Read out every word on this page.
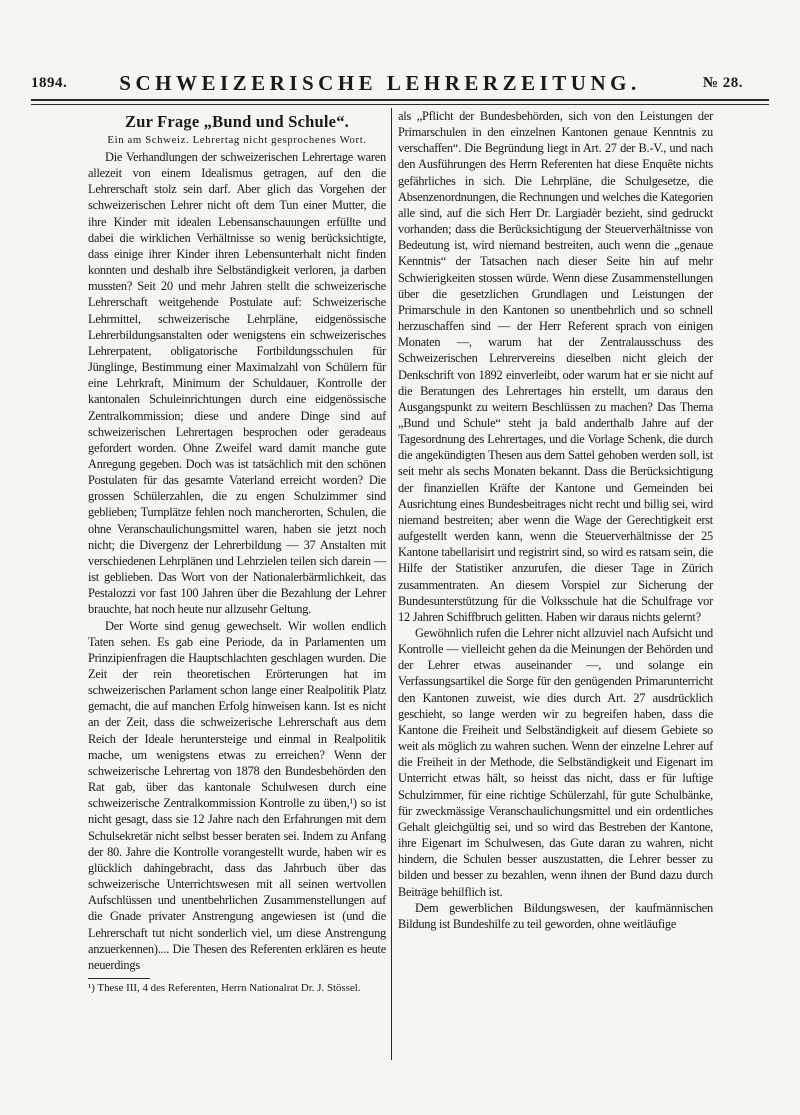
1894.	SCHWEIZERISCHE LEHRERZEITUNG.	№ 28.
Zur Frage „Bund und Schule“.

Ein am Schweiz. Lehrertag nicht gesprochenes Wort.

Die Verhandlungen der schweizerischen Lehrertage waren allezeit von einem Idealismus getragen, auf den die Lehrerschaft stolz sein darf. Aber glich das Vorgehen der schweizerischen Lehrer nicht oft dem Tun einer Mutter, die ihre Kinder mit idealen Lebensanschauungen erfüllte und dabei die wirklichen Verhältnisse so wenig berücksichtigte, dass einige ihrer Kinder ihren Lebensunterhalt nicht finden konnten und deshalb ihre Selbständigkeit verloren, ja darben mussten? Seit 20 und mehr Jahren stellt die schweizerische Lehrerschaft weitgehende Postulate auf: Schweizerische Lehrmittel, schweizerische Lehrpläne, eidgenössische Lehrerbildungsanstalten oder wenigstens ein schweizerisches Lehrerpatent, obligatorische Fortbildungsschulen für Jünglinge, Bestimmung einer Maximalzahl von Schülern für eine Lehrkraft, Minimum der Schuldauer, Kontrolle der kantonalen Schuleinrichtungen durch eine eidgenössische Zentralkommission; diese und andere Dinge sind auf schweizerischen Lehrertagen besprochen oder geradeaus gefordert worden. Ohne Zweifel ward damit manche gute Anregung gegeben. Doch was ist tatsächlich mit den schönen Postulaten für das gesamte Vaterland erreicht worden? Die grossen Schülerzahlen, die zu engen Schulzimmer sind geblieben; Turnplätze fehlen noch mancherorten, Schulen, die ohne Veranschaulichungsmittel waren, haben sie jetzt noch nicht; die Divergenz der Lehrerbildung — 37 Anstalten mit verschiedenen Lehrplänen und Lehrzielen teilen sich darein — ist geblieben. Das Wort von der Nationalerbärmlichkeit, das Pestalozzi vor fast 100 Jahren über die Bezahlung der Lehrer brauchte, hat noch heute nur allzusehr Geltung.

Der Worte sind genug gewechselt. Wir wollen endlich Taten sehen. Es gab eine Periode, da in Parlamenten um Prinzipienfragen die Hauptschlachten geschlagen wurden. Die Zeit der rein theoretischen Erörterungen hat im schweizerischen Parlament schon lange einer Realpolitik Platz gemacht, die auf manchen Erfolg hinweisen kann. Ist es nicht an der Zeit, dass die schweizerische Lehrerschaft aus dem Reich der Ideale heruntersteige und einmal in Realpolitik mache, um wenigstens etwas zu erreichen? Wenn der schweizerische Lehrertag von 1878 den Bundesbehörden den Rat gab, über das kantonale Schulwesen durch eine schweizerische Zentralkommission Kontrolle zu üben,¹) so ist nicht gesagt, dass sie 12 Jahre nach den Erfahrungen mit dem Schulsekretär nicht selbst besser beraten sei. Indem zu Anfang der 80. Jahre die Kontrolle vorangestellt wurde, haben wir es glücklich dahingebracht, dass das Jahrbuch über das schweizerische Unterrichtswesen mit all seinen wertvollen Aufschlüssen und unentbehrlichen Zusammenstellungen auf die Gnade privater Anstrengung angewiesen ist (und die Lehrerschaft tut nicht sonderlich viel, um diese Anstrengung anzuerkennen).... Die Thesen des Referenten erklären es heute neuerdings

¹) These III, 4 des Referenten, Herrn Nationalrat Dr. J. Stössel.

als „Pflicht der Bundesbehörden, sich von den Leistungen der Primarschulen in den einzelnen Kantonen genaue Kenntnis zu verschaffen“. Die Begründung liegt in Art. 27 der B.-V., und nach den Ausführungen des Herrn Referenten hat diese Enquête nichts gefährliches in sich. Die Lehrpläne, die Schulgesetze, die Absenzenordnungen, die Rechnungen und welches die Kategorien alle sind, auf die sich Herr Dr. Largiadèr bezieht, sind gedruckt vorhanden; dass die Berücksichtigung der Steuerverhältnisse von Bedeutung ist, wird niemand bestreiten, auch wenn die „genaue Kenntnis“ der Tatsachen nach dieser Seite hin auf mehr Schwierigkeiten stossen würde. Wenn diese Zusammenstellungen über die gesetzlichen Grundlagen und Leistungen der Primarschule in den Kantonen so unentbehrlich und so schnell herzuschaffen sind — der Herr Referent sprach von einigen Monaten —, warum hat der Zentralausschuss des Schweizerischen Lehrervereins dieselben nicht gleich der Denkschrift von 1892 einverleibt, oder warum hat er sie nicht auf die Beratungen des Lehrertages hin erstellt, um daraus den Ausgangspunkt zu weitern Beschlüssen zu machen? Das Thema „Bund und Schule“ steht ja bald anderthalb Jahre auf der Tagesordnung des Lehrertages, und die Vorlage Schenk, die durch die angekündigten Thesen aus dem Sattel gehoben werden soll, ist seit mehr als sechs Monaten bekannt. Dass die Berücksichtigung der finanziellen Kräfte der Kantone und Gemeinden bei Ausrichtung eines Bundesbeitrages nicht recht und billig sei, wird niemand bestreiten; aber wenn die Wage der Gerechtigkeit erst aufgestellt werden kann, wenn die Steuerverhältnisse der 25 Kantone tabellarisirt und registrirt sind, so wird es ratsam sein, die Hilfe der Statistiker anzurufen, die dieser Tage in Zürich zusammentraten. An diesem Vorspiel zur Sicherung der Bundesunterstützung für die Volksschule hat die Schulfrage vor 12 Jahren Schiffbruch gelitten. Haben wir daraus nichts gelernt?

Gewöhnlich rufen die Lehrer nicht allzuviel nach Aufsicht und Kontrolle — vielleicht gehen da die Meinungen der Behörden und der Lehrer etwas auseinander —, und solange ein Verfassungsartikel die Sorge für den genügenden Primarunterricht den Kantonen zuweist, wie dies durch Art. 27 ausdrücklich geschieht, so lange werden wir zu begreifen haben, dass die Kantone die Freiheit und Selbständigkeit auf diesem Gebiete so weit als möglich zu wahren suchen. Wenn der einzelne Lehrer auf die Freiheit in der Methode, die Selbständigkeit und Eigenart im Unterricht etwas hält, so heisst das nicht, dass er für luftige Schulzimmer, für eine richtige Schülerzahl, für gute Schulbänke, für zweckmässige Veranschaulichungsmittel und ein ordentliches Gehalt gleichgültig sei, und so wird das Bestreben der Kantone, ihre Eigenart im Schulwesen, das Gute daran zu wahren, nicht hindern, die Schulen besser auszustatten, die Lehrer besser zu bilden und besser zu bezahlen, wenn ihnen der Bund dazu durch Beiträge behilflich ist.

Dem gewerblichen Bildungswesen, der kaufmännischen Bildung ist Bundeshilfe zu teil geworden, ohne weitläufige
